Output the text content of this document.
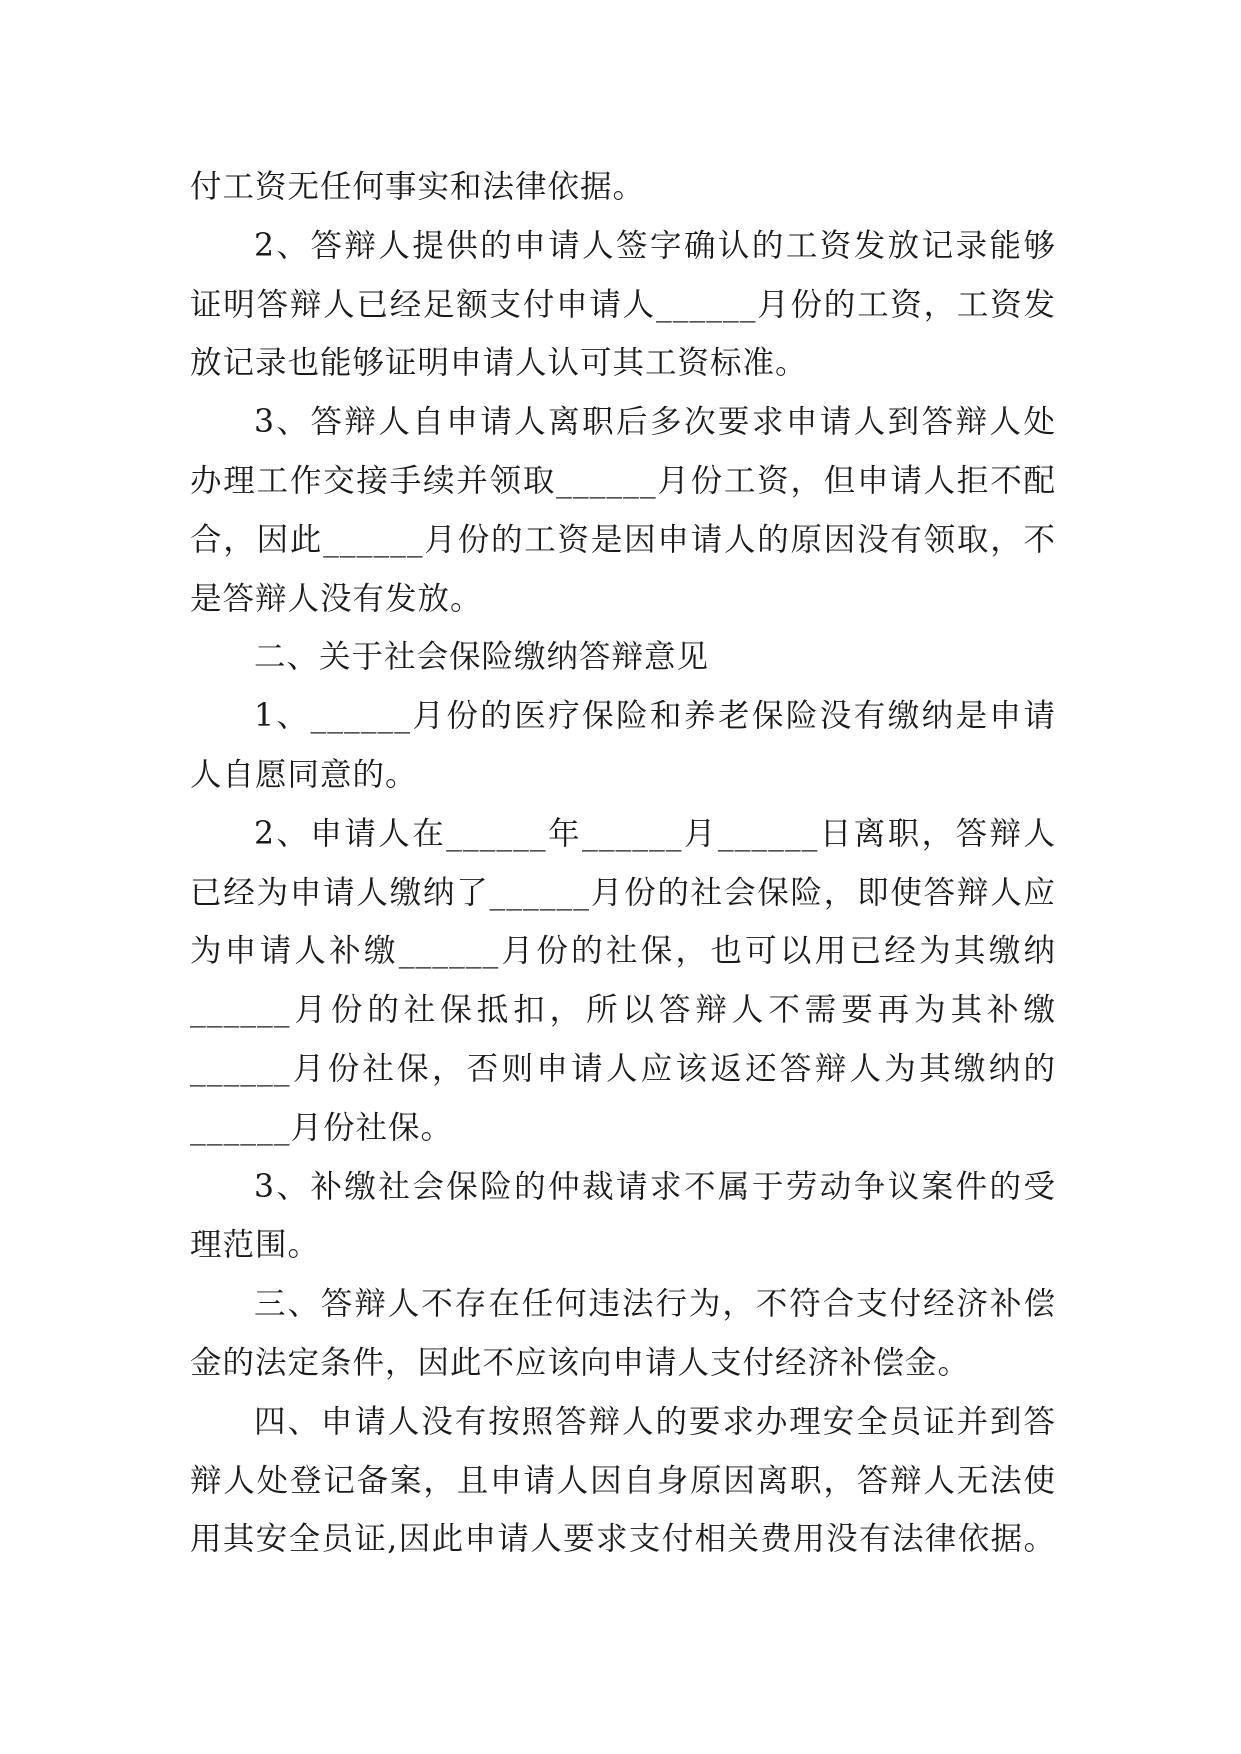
付工资无任何事实和法律依据。
2、答辩人提供的申请人签字确认的工资发放记录能够
证明答辩人已经足额支付申请人______月份的工资，工资发
放记录也能够证明申请人认可其工资标准。
3、答辩人自申请人离职后多次要求申请人到答辩人处
办理工作交接手续并领取______月份工资，但申请人拒不配
合，因此______月份的工资是因申请人的原因没有领取，不
是答辩人没有发放。
二、关于社会保险缴纳答辩意见
1、______月份的医疗保险和养老保险没有缴纳是申请
人自愿同意的。
2、申请人在______年______月______日离职，答辩人
已经为申请人缴纳了______月份的社会保险，即使答辩人应
为申请人补缴______月份的社保，也可以用已经为其缴纳
______月份的社保抵扣，所以答辩人不需要再为其补缴
______月份社保，否则申请人应该返还答辩人为其缴纳的
______月份社保。
3、补缴社会保险的仲裁请求不属于劳动争议案件的受
理范围。
三、答辩人不存在任何违法行为，不符合支付经济补偿
金的法定条件，因此不应该向申请人支付经济补偿金。
四、申请人没有按照答辩人的要求办理安全员证并到答
辩人处登记备案，且申请人因自身原因离职，答辩人无法使
用其安全员证,因此申请人要求支付相关费用没有法律依据。
